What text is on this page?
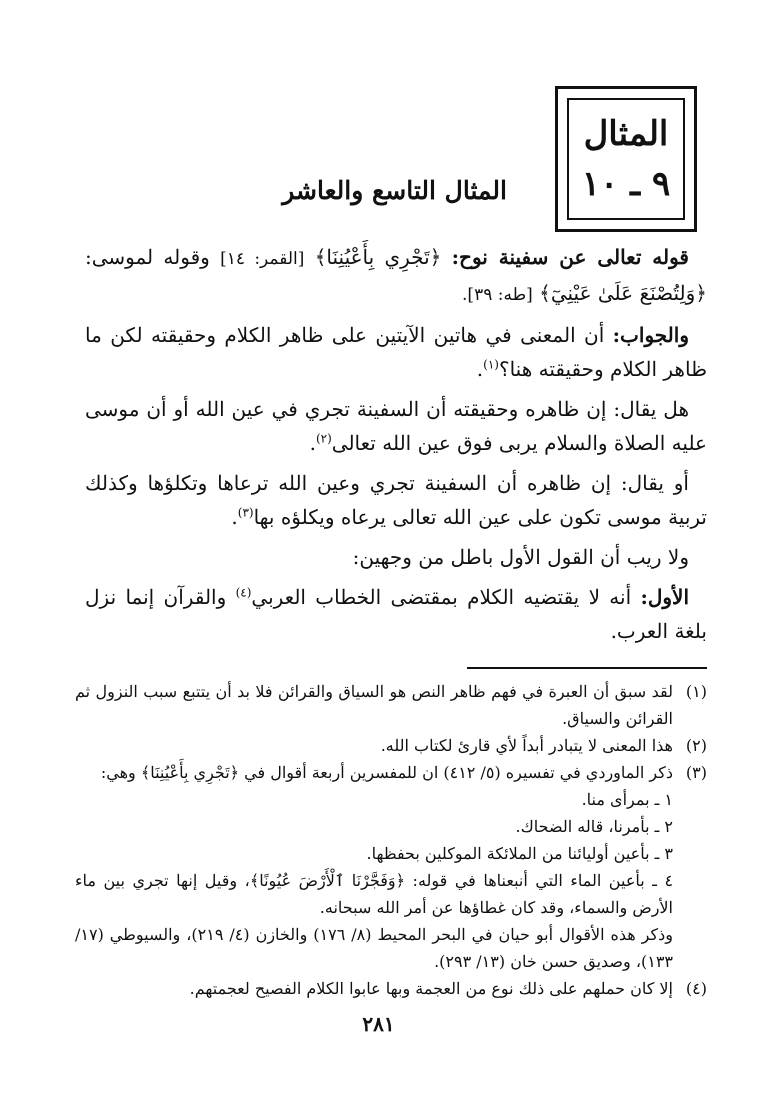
المثال
٩ ـ ١٠
المثال التاسع والعاشر

قوله تعالى عن سفينة نوح: ﴿تَجْرِي بِأَعْيُنِنَا﴾ [القمر: ١٤] وقوله لموسى: ﴿وَلِتُصْنَعَ عَلَىٰ عَيْنِيٓ﴾ [طه: ٣٩].

والجواب: أن المعنى في هاتين الآيتين على ظاهر الكلام وحقيقته لكن ما ظاهر الكلام وحقيقته هنا؟$^{(١)}$.

هل يقال: إن ظاهره وحقيقته أن السفينة تجري في عين الله أو أن موسى عليه الصلاة والسلام يربى فوق عين الله تعالى$^{(٢)}$.

أو يقال: إن ظاهره أن السفينة تجري وعين الله ترعاها وتكلؤها وكذلك تربية موسى تكون على عين الله تعالى يرعاه ويكلؤه بها$^{(٣)}$.

ولا ريب أن القول الأول باطل من وجهين:

الأول: أنه لا يقتضيه الكلام بمقتضى الخطاب العربي$^{(٤)}$ والقرآن إنما نزل بلغة العرب.

(١)
لقد سبق أن العبرة في فهم ظاهر النص هو السياق والقرائن فلا بد أن يتتبع سبب النزول ثم القرائن والسياق.
(٢)
هذا المعنى لا يتبادر أبداً لأي قارئ لكتاب الله.
(٣)
ذكر الماوردي في تفسيره (٥/ ٤١٢) ان للمفسرين أربعة أقوال في ﴿تَجْرِي بِأَعْيُنِنَا﴾ وهي:
١ ـ بمرأى منا.
٢ ـ بأمرنا، قاله الضحاك.
٣ ـ بأعين أوليائنا من الملائكة الموكلين بحفظها.
٤ ـ بأعين الماء التي أنبعناها في قوله: ﴿وَفَجَّرْنَا ٱلْأَرْضَ عُيُونًا﴾، وقيل إنها تجري بين ماء الأرض والسماء، وقد كان غطاؤها عن أمر الله سبحانه.
وذكر هذه الأقوال أبو حيان في البحر المحيط (٨/ ١٧٦) والخازن (٤/ ٢١٩)، والسيوطي (١٧/ ١٣٣)، وصديق حسن خان (١٣/ ٢٩٣).
(٤)
إلا كان حملهم على ذلك نوع من العجمة وبها عابوا الكلام الفصيح لعجمتهم.
٢٨١
